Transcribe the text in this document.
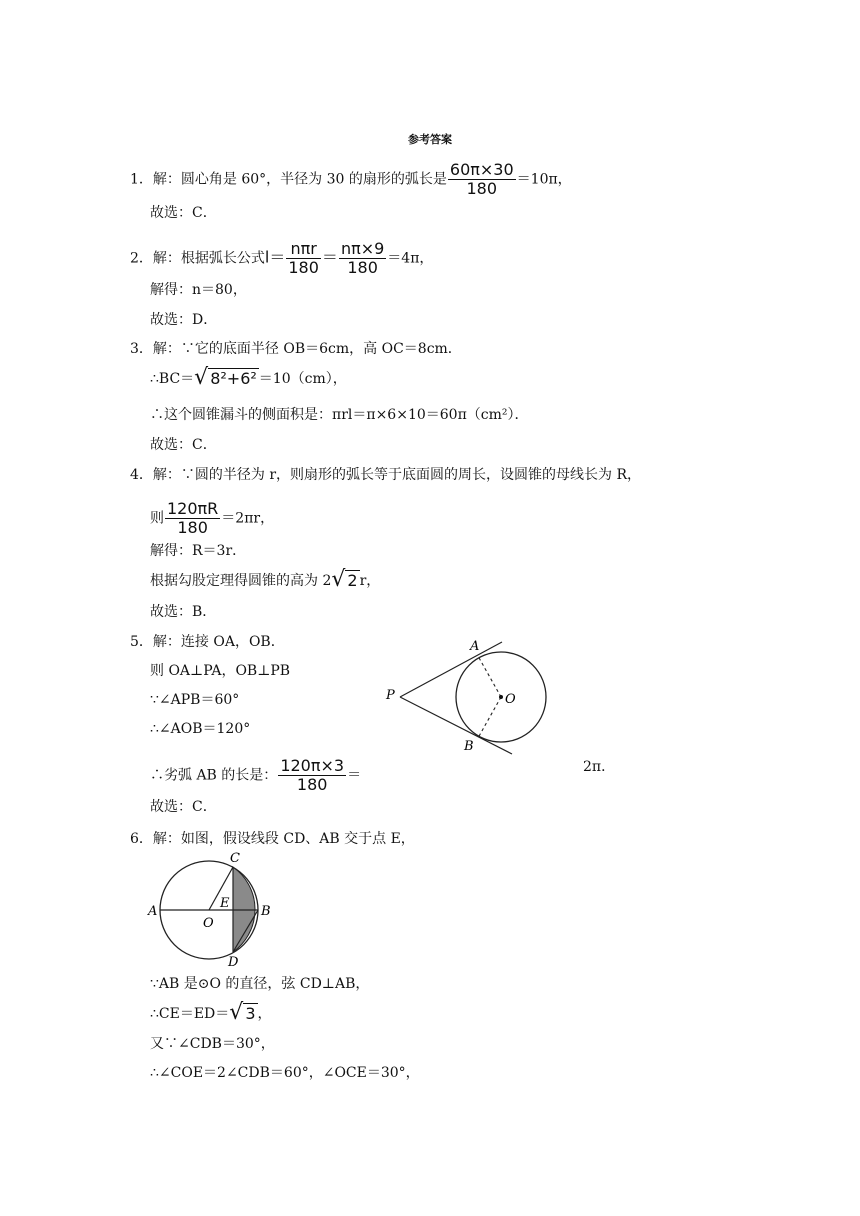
参考答案
1．解：圆心角是 60°，半径为 30 的扇形的弧长是 $\frac{60\pi\times 30}{180} =10\pi$，
故选：C．
2．解：根据弧长公式$l= \frac{\text{nπr}}{180} = \frac{n\pi\times 9}{180} =4\pi$，
解得：n＝80，
故选：D．
3．解：∵它的底面半径 OB＝6cm，高 OC＝8cm．
∴BC＝√ 8²+6² ＝10（cm），
∴这个圆锥漏斗的侧面积是：πrl＝π×6×10＝60π（cm²）．
故选：C．
4．解：∵圆的半径为 r，则扇形的弧长等于底面圆的周长，设圆锥的母线长为 R，
则 $\frac{120\pi R}{180} =2\pi r$，
解得：R＝3r．
根据勾股定理得圆锥的高为 2√ 2 r，
故选：B．
5．解：连接 OA，OB．
则 OA⊥PA，OB⊥PB
∵∠APB＝60°
∴∠AOB＝120°
∴劣弧 AB 的长是： $\frac{120\pi\times 3}{180}$ ＝
2π．
故选：C．
A
B
P	O
6．解：如图，假设线段 CD、AB 交于点 E，
A	B
C
D
O
E
∵AB 是⊙O 的直径，弦 CD⊥AB，
∴CE＝ED＝√ 3 ，
又∵∠CDB＝30°，
∴∠COE＝2∠CDB＝60°，∠OCE＝30°，
